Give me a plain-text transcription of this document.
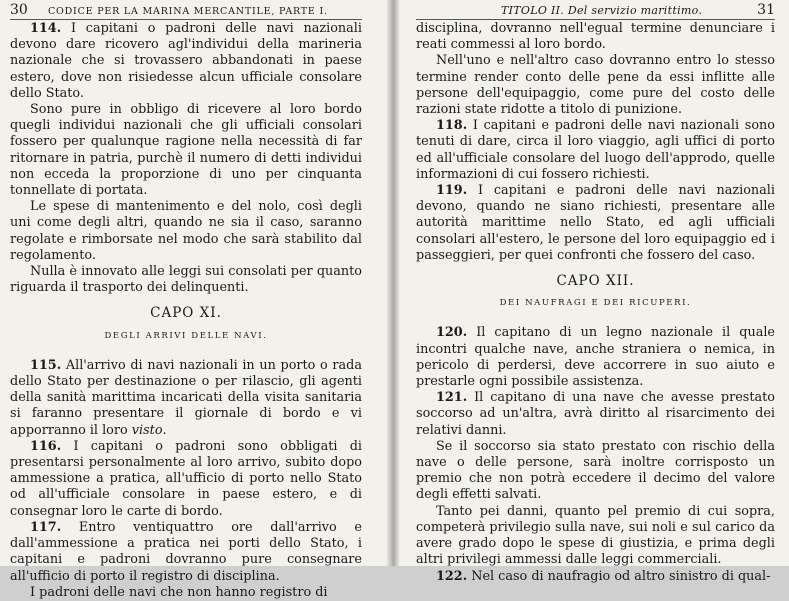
30 CODICE PER LA MARINA MERCANTILE, PARTE I.

114. I capitani o padroni delle navi nazionali devono dare ricovero agl'individui della marineria nazionale che si trovassero abbandonati in paese estero, dove non risiedesse alcun ufficiale consolare dello Stato.

Sono pure in obbligo di ricevere al loro bordo quegli individui nazionali che gli ufficiali consolari fossero per qualunque ragione nella necessità di far ritornare in patria, purchè il numero di detti individui non ecceda la proporzione di uno per cinquanta tonnellate di portata.

Le spese di mantenimento e del nolo, così degli uni come degli altri, quando ne sia il caso, saranno regolate e rimborsate nel modo che sarà stabilito dal regolamento.

Nulla è innovato alle leggi sui consolati per quanto riguarda il trasporto dei delinquenti.

CAPO XI.
DEGLI ARRIVI DELLE NAVI.

115. All'arrivo di navi nazionali in un porto o rada dello Stato per destinazione o per rilascio, gli agenti della sanità marittima incaricati della visita sanitaria si faranno presentare il giornale di bordo e vi apporranno il loro visto.

116. I capitani o padroni sono obbligati di presentarsi personalmente al loro arrivo, subito dopo ammessione a pratica, all'ufficio di porto nello Stato od all'ufficiale consolare in paese estero, e di consegnar loro le carte di bordo.

117. Entro ventiquattro ore dall'arrivo e dall'ammessione a pratica nei porti dello Stato, i capitani e padroni dovranno pure consegnare all'ufficio di porto il registro di disciplina.

I padroni delle navi che non hanno registro di

TITOLO II. Del servizio marittimo.	31

disciplina, dovranno nell'egual termine denunciare i reati commessi al loro bordo.

Nell'uno e nell'altro caso dovranno entro lo stesso termine render conto delle pene da essi inflitte alle persone dell'equipaggio, come pure del costo delle razioni state ridotte a titolo di punizione.

118. I capitani e padroni delle navi nazionali sono tenuti di dare, circa il loro viaggio, agli uffici di porto ed all'ufficiale consolare del luogo dell'approdo, quelle informazioni di cui fossero richiesti.

119. I capitani e padroni delle navi nazionali devono, quando ne siano richiesti, presentare alle autorità marittime nello Stato, ed agli ufficiali consolari all'estero, le persone del loro equipaggio ed i passeggieri, per quei confronti che fossero del caso.

CAPO XII.
DEI NAUFRAGI E DEI RICUPERI.

120. Il capitano di un legno nazionale il quale incontri qualche nave, anche straniera o nemica, in pericolo di perdersi, deve accorrere in suo aiuto e prestarle ogni possibile assistenza.

121. Il capitano di una nave che avesse prestato soccorso ad un'altra, avrà diritto al risarcimento dei relativi danni.

Se il soccorso sia stato prestato con rischio della nave o delle persone, sarà inoltre corrisposto un premio che non potrà eccedere il decimo del valore degli effetti salvati.

Tanto pei danni, quanto pel premio di cui sopra, competerà privilegio sulla nave, sui noli e sul carico da avere grado dopo le spese di giustizia, e prima degli altri privilegi ammessi dalle leggi commerciali.

122. Nel caso di naufragio od altro sinistro di qual-
